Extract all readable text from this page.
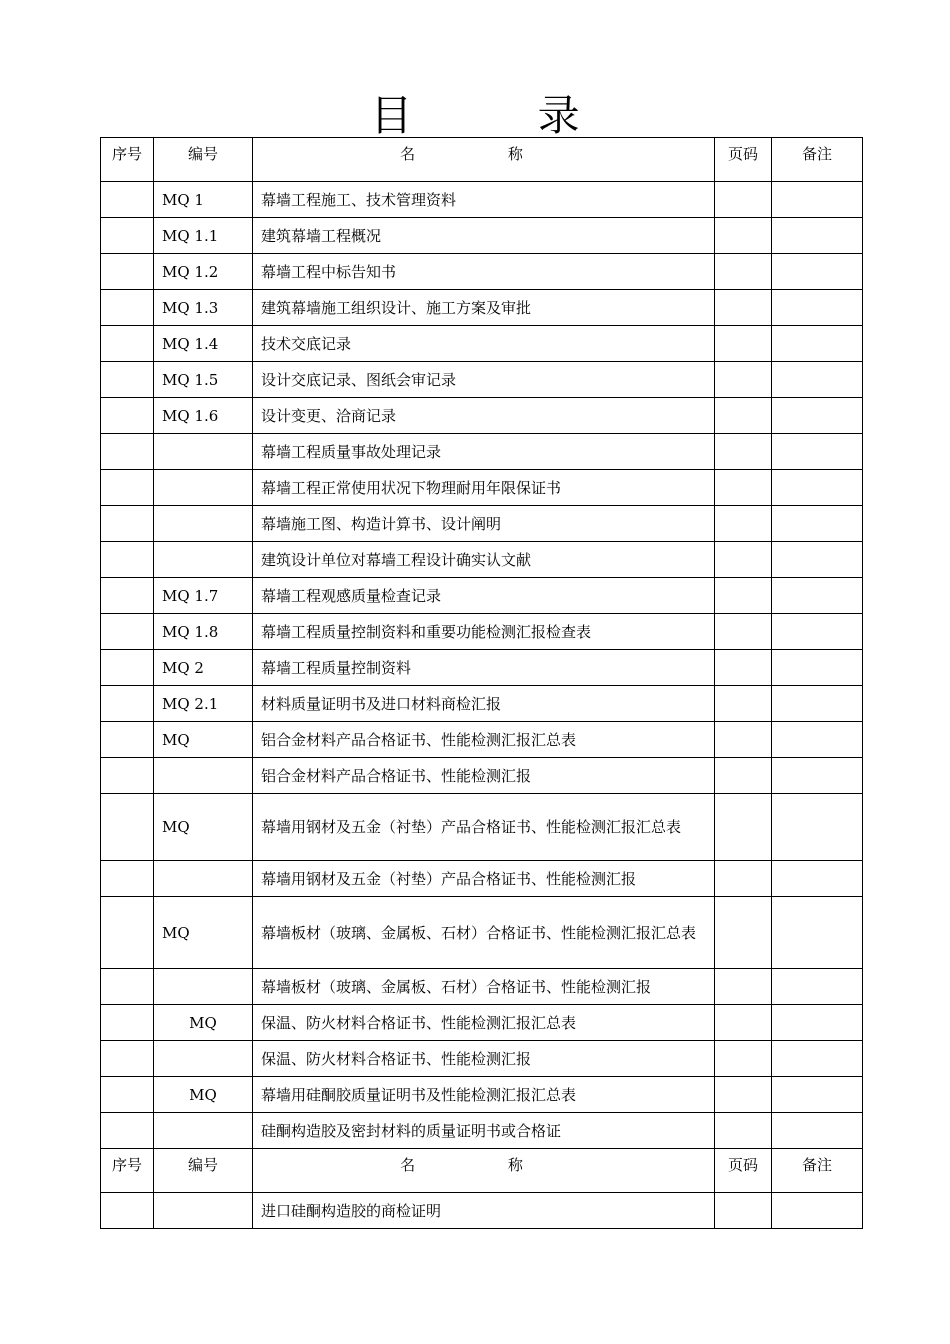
目 录
序号	编号	名 称	页码	备注
	MQ 1	幕墙工程施工、技术管理资料		
	MQ 1.1	建筑幕墙工程概况		
	MQ 1.2	幕墙工程中标告知书		
	MQ 1.3	建筑幕墙施工组织设计、施工方案及审批		
	MQ 1.4	技术交底记录		
	MQ 1.5	设计交底记录、图纸会审记录		
	MQ 1.6	设计变更、洽商记录		
		幕墙工程质量事故处理记录		
		幕墙工程正常使用状况下物理耐用年限保证书		
		幕墙施工图、构造计算书、设计阐明		
		建筑设计单位对幕墙工程设计确实认文献		
	MQ 1.7	幕墙工程观感质量检查记录		
	MQ 1.8	幕墙工程质量控制资料和重要功能检测汇报检查表		
	MQ 2	幕墙工程质量控制资料		
	MQ 2.1	材料质量证明书及进口材料商检汇报		
	MQ	铝合金材料产品合格证书、性能检测汇报汇总表		
		铝合金材料产品合格证书、性能检测汇报		
	MQ	幕墙用钢材及五金（衬垫）产品合格证书、性能检测汇报汇总表		
		幕墙用钢材及五金（衬垫）产品合格证书、性能检测汇报		
	MQ	幕墙板材（玻璃、金属板、石材）合格证书、性能检测汇报汇总表		
		幕墙板材（玻璃、金属板、石材）合格证书、性能检测汇报		
	MQ	保温、防火材料合格证书、性能检测汇报汇总表		
		保温、防火材料合格证书、性能检测汇报		
	MQ	幕墙用硅酮胶质量证明书及性能检测汇报汇总表		
		硅酮构造胶及密封材料的质量证明书或合格证		
序号	编号	名 称	页码	备注
		进口硅酮构造胶的商检证明		
